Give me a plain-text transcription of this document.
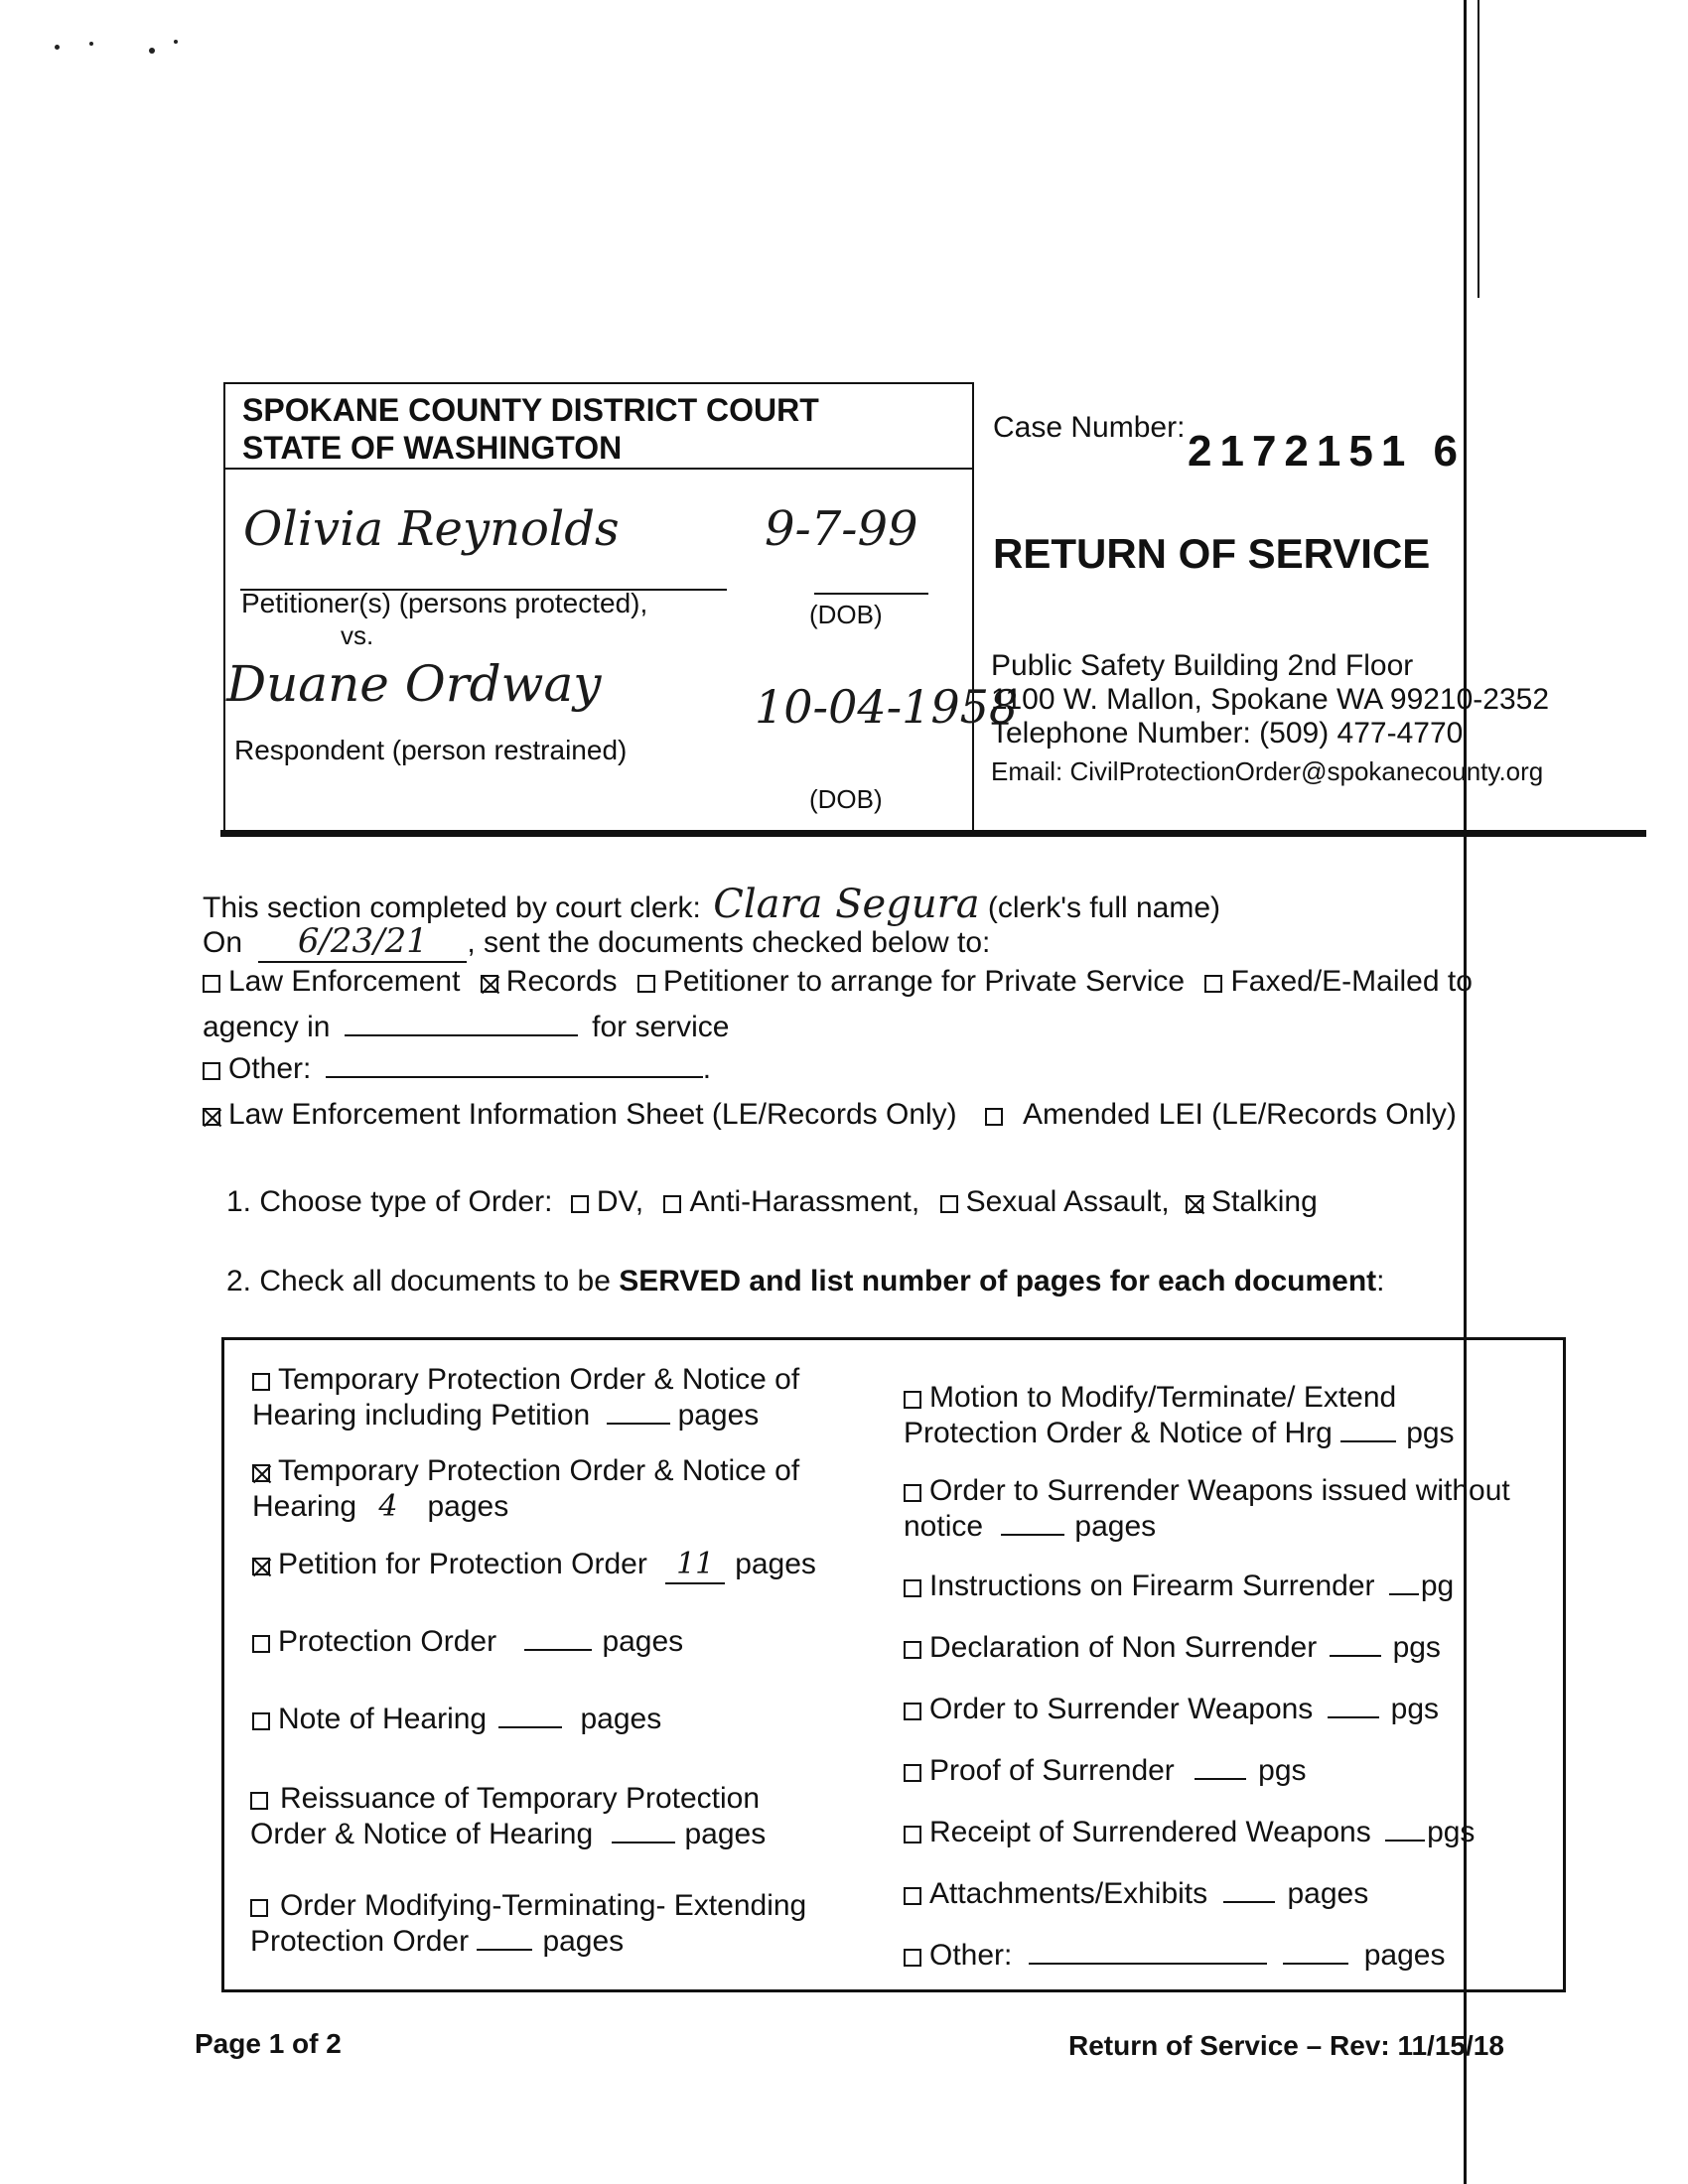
SPOKANE COUNTY DISTRICT COURT
STATE OF WASHINGTON
Case Number: 2172151 6
RETURN OF SERVICE
Olivia Reynolds	9-7-99
Petitioner(s) (persons protected),	(DOB)
vs.
Duane Ordway	10-04-1958
Respondent (person restrained)
(DOB)
Public Safety Building 2nd Floor
1100 W. Mallon, Spokane WA 99210-2352
Telephone Number: (509) 477-4770
Email: CivilProtectionOrder@spokanecounty.org
This section completed by court clerk: Clara Segura (clerk's full name)
On 6/23/21 , sent the documents checked below to:
Law Enforcement Records Petitioner to arrange for Private Service Faxed/E-Mailed to
agency in	for service
Other:	.
Law Enforcement Information Sheet (LE/Records Only) Amended LEI (LE/Records Only)
1. Choose type of Order: DV, Anti-Harassment, Sexual Assault, Stalking
2. Check all documents to be SERVED and list number of pages for each document:
Temporary Protection Order & Notice of
Hearing including Petition	pages
Temporary Protection Order & Notice of
Hearing 4 pages
Petition for Protection Order 11 pages
Protection Order	pages
Note of Hearing	pages
Reissuance of Temporary Protection
Order & Notice of Hearing	pages
Order Modifying-Terminating- Extending
Protection Order pages
Motion to Modify/Terminate/ Extend
Protection Order & Notice of Hrg pgs
Order to Surrender Weapons issued without
notice	pages
Instructions on Firearm Surrender pg
Declaration of Non Surrender	pgs
Order to Surrender Weapons	pgs
Proof of Surrender	pgs
Receipt of Surrendered Weapons pgs
Attachments/Exhibits	pages
Other:	pages
Page 1 of 2	Return of Service – Rev: 11/15/18
